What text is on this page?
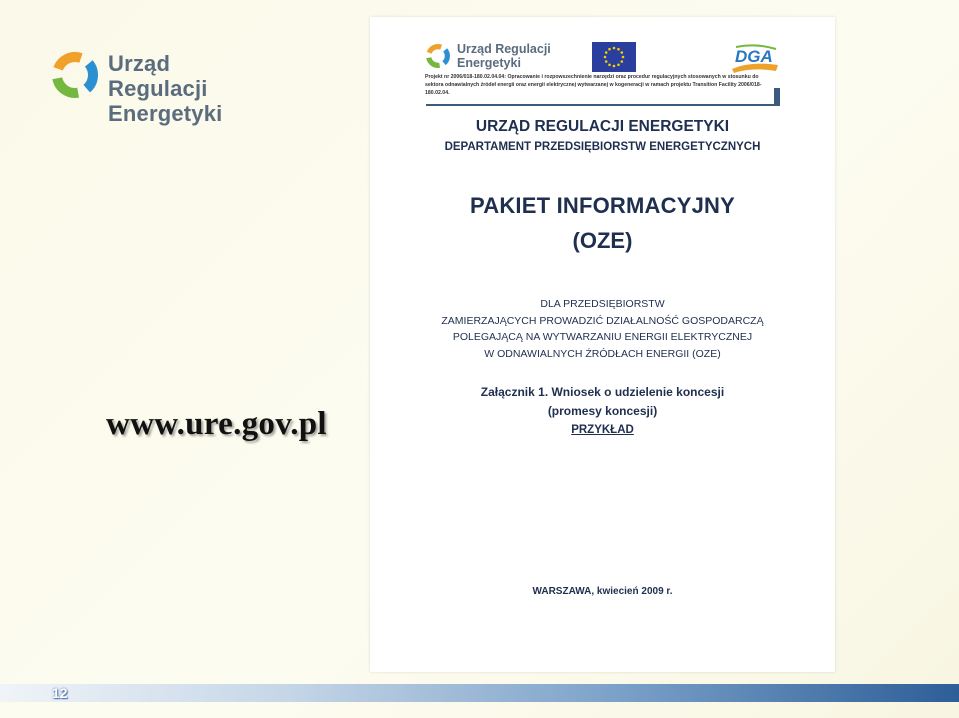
Urząd Regulacji
Energetyki
www.ure.gov.pl
Urząd Regulacji
Energetyki	DGA
Projekt nr 2006/018-180.02.04.04: Opracowanie i rozpowszechnienie narzędzi oraz procedur regulacyjnych stosowanych w stosunku do sektora odnawialnych źródeł energii oraz energii elektrycznej wytwarzanej w kogeneracji w ramach projektu Transition Facility 2006/018-180.02.04.
URZĄD REGULACJI ENERGETYKI
DEPARTAMENT PRZEDSIĘBIORSTW ENERGETYCZNYCH
PAKIET INFORMACYJNY
(OZE)
DLA PRZEDSIĘBIORSTW
ZAMIERZAJĄCYCH PROWADZIĆ DZIAŁALNOŚĆ GOSPODARCZĄ
POLEGAJĄCĄ NA WYTWARZANIU ENERGII ELEKTRYCZNEJ
W ODNAWIALNYCH ŹRÓDŁACH ENERGII (OZE)
Załącznik 1. Wniosek o udzielenie koncesji
(promesy koncesji)
PRZYKŁAD
WARSZAWA, kwiecień 2009 r.
12
